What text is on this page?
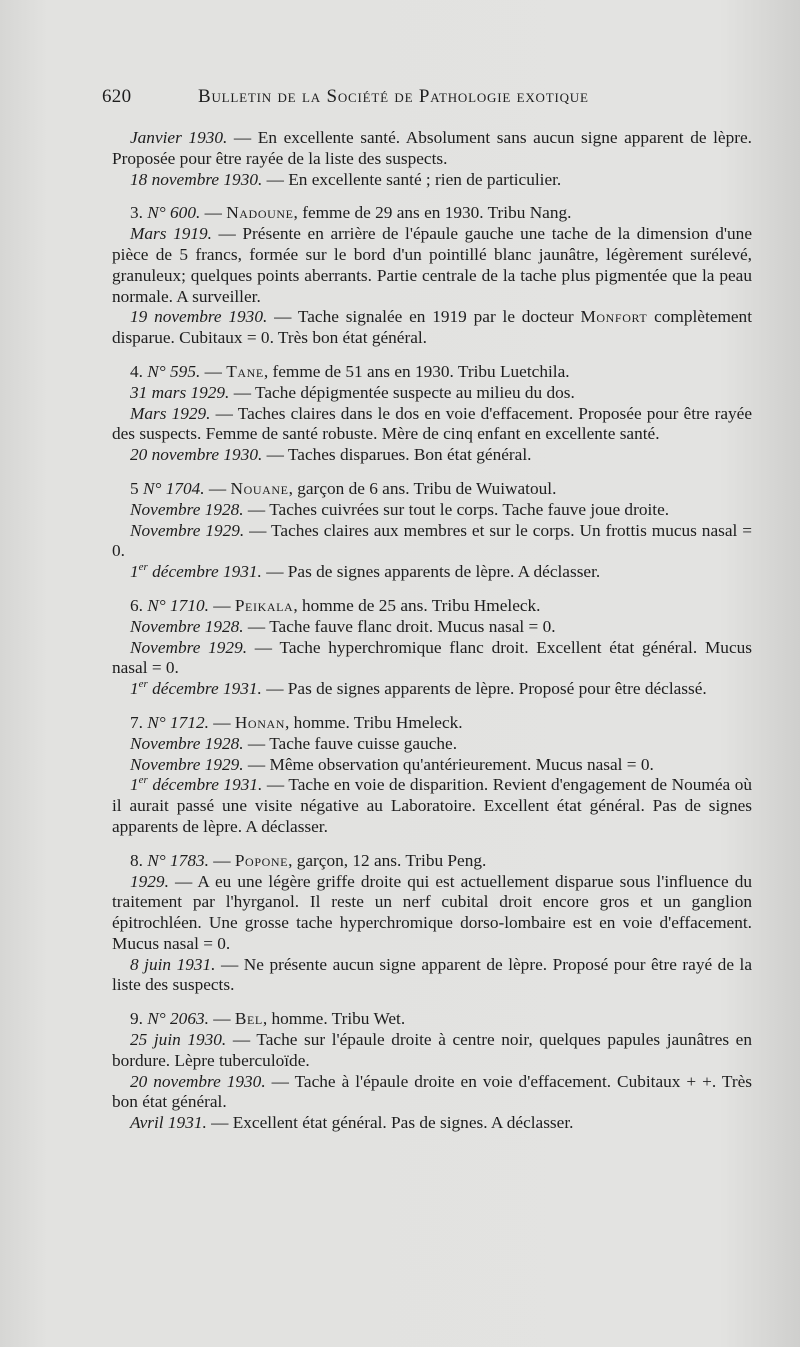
620	Bulletin de la Société de Pathologie exotique

Janvier 1930. — En excellente santé. Absolument sans aucun signe apparent de lèpre. Proposée pour être rayée de la liste des suspects.

18 novembre 1930. — En excellente santé ; rien de particulier.

3. N° 600. — Nadoune, femme de 29 ans en 1930. Tribu Nang.

Mars 1919. — Présente en arrière de l'épaule gauche une tache de la dimension d'une pièce de 5 francs, formée sur le bord d'un pointillé blanc jaunâtre, légèrement surélevé, granuleux; quelques points aberrants. Partie centrale de la tache plus pigmentée que la peau normale. A surveiller.

19 novembre 1930. — Tache signalée en 1919 par le docteur Monfort complètement disparue. Cubitaux = 0. Très bon état général.

4. N° 595. — Tane, femme de 51 ans en 1930. Tribu Luetchila.

31 mars 1929. — Tache dépigmentée suspecte au milieu du dos.

Mars 1929. — Taches claires dans le dos en voie d'effacement. Proposée pour être rayée des suspects. Femme de santé robuste. Mère de cinq enfant en excellente santé.

20 novembre 1930. — Taches disparues. Bon état général.

5 N° 1704. — Nouane, garçon de 6 ans. Tribu de Wuiwatoul.

Novembre 1928. — Taches cuivrées sur tout le corps. Tache fauve joue droite.

Novembre 1929. — Taches claires aux membres et sur le corps. Un frottis mucus nasal = 0.

1er décembre 1931. — Pas de signes apparents de lèpre. A déclasser.

6. N° 1710. — Peikala, homme de 25 ans. Tribu Hmeleck.

Novembre 1928. — Tache fauve flanc droit. Mucus nasal = 0.

Novembre 1929. — Tache hyperchromique flanc droit. Excellent état général. Mucus nasal = 0.

1er décembre 1931. — Pas de signes apparents de lèpre. Proposé pour être déclassé.

7. N° 1712. — Honan, homme. Tribu Hmeleck.

Novembre 1928. — Tache fauve cuisse gauche.

Novembre 1929. — Même observation qu'antérieurement. Mucus nasal = 0.

1er décembre 1931. — Tache en voie de disparition. Revient d'engagement de Nouméa où il aurait passé une visite négative au Laboratoire. Excellent état général. Pas de signes apparents de lèpre. A déclasser.

8. N° 1783. — Popone, garçon, 12 ans. Tribu Peng.

1929. — A eu une légère griffe droite qui est actuellement disparue sous l'influence du traitement par l'hyrganol. Il reste un nerf cubital droit encore gros et un ganglion épitrochléen. Une grosse tache hyperchromique dorso-lombaire est en voie d'effacement. Mucus nasal = 0.

8 juin 1931. — Ne présente aucun signe apparent de lèpre. Proposé pour être rayé de la liste des suspects.

9. N° 2063. — Bel, homme. Tribu Wet.

25 juin 1930. — Tache sur l'épaule droite à centre noir, quelques papules jaunâtres en bordure. Lèpre tuberculoïde.

20 novembre 1930. — Tache à l'épaule droite en voie d'effacement. Cubitaux + +. Très bon état général.

Avril 1931. — Excellent état général. Pas de signes. A déclasser.
